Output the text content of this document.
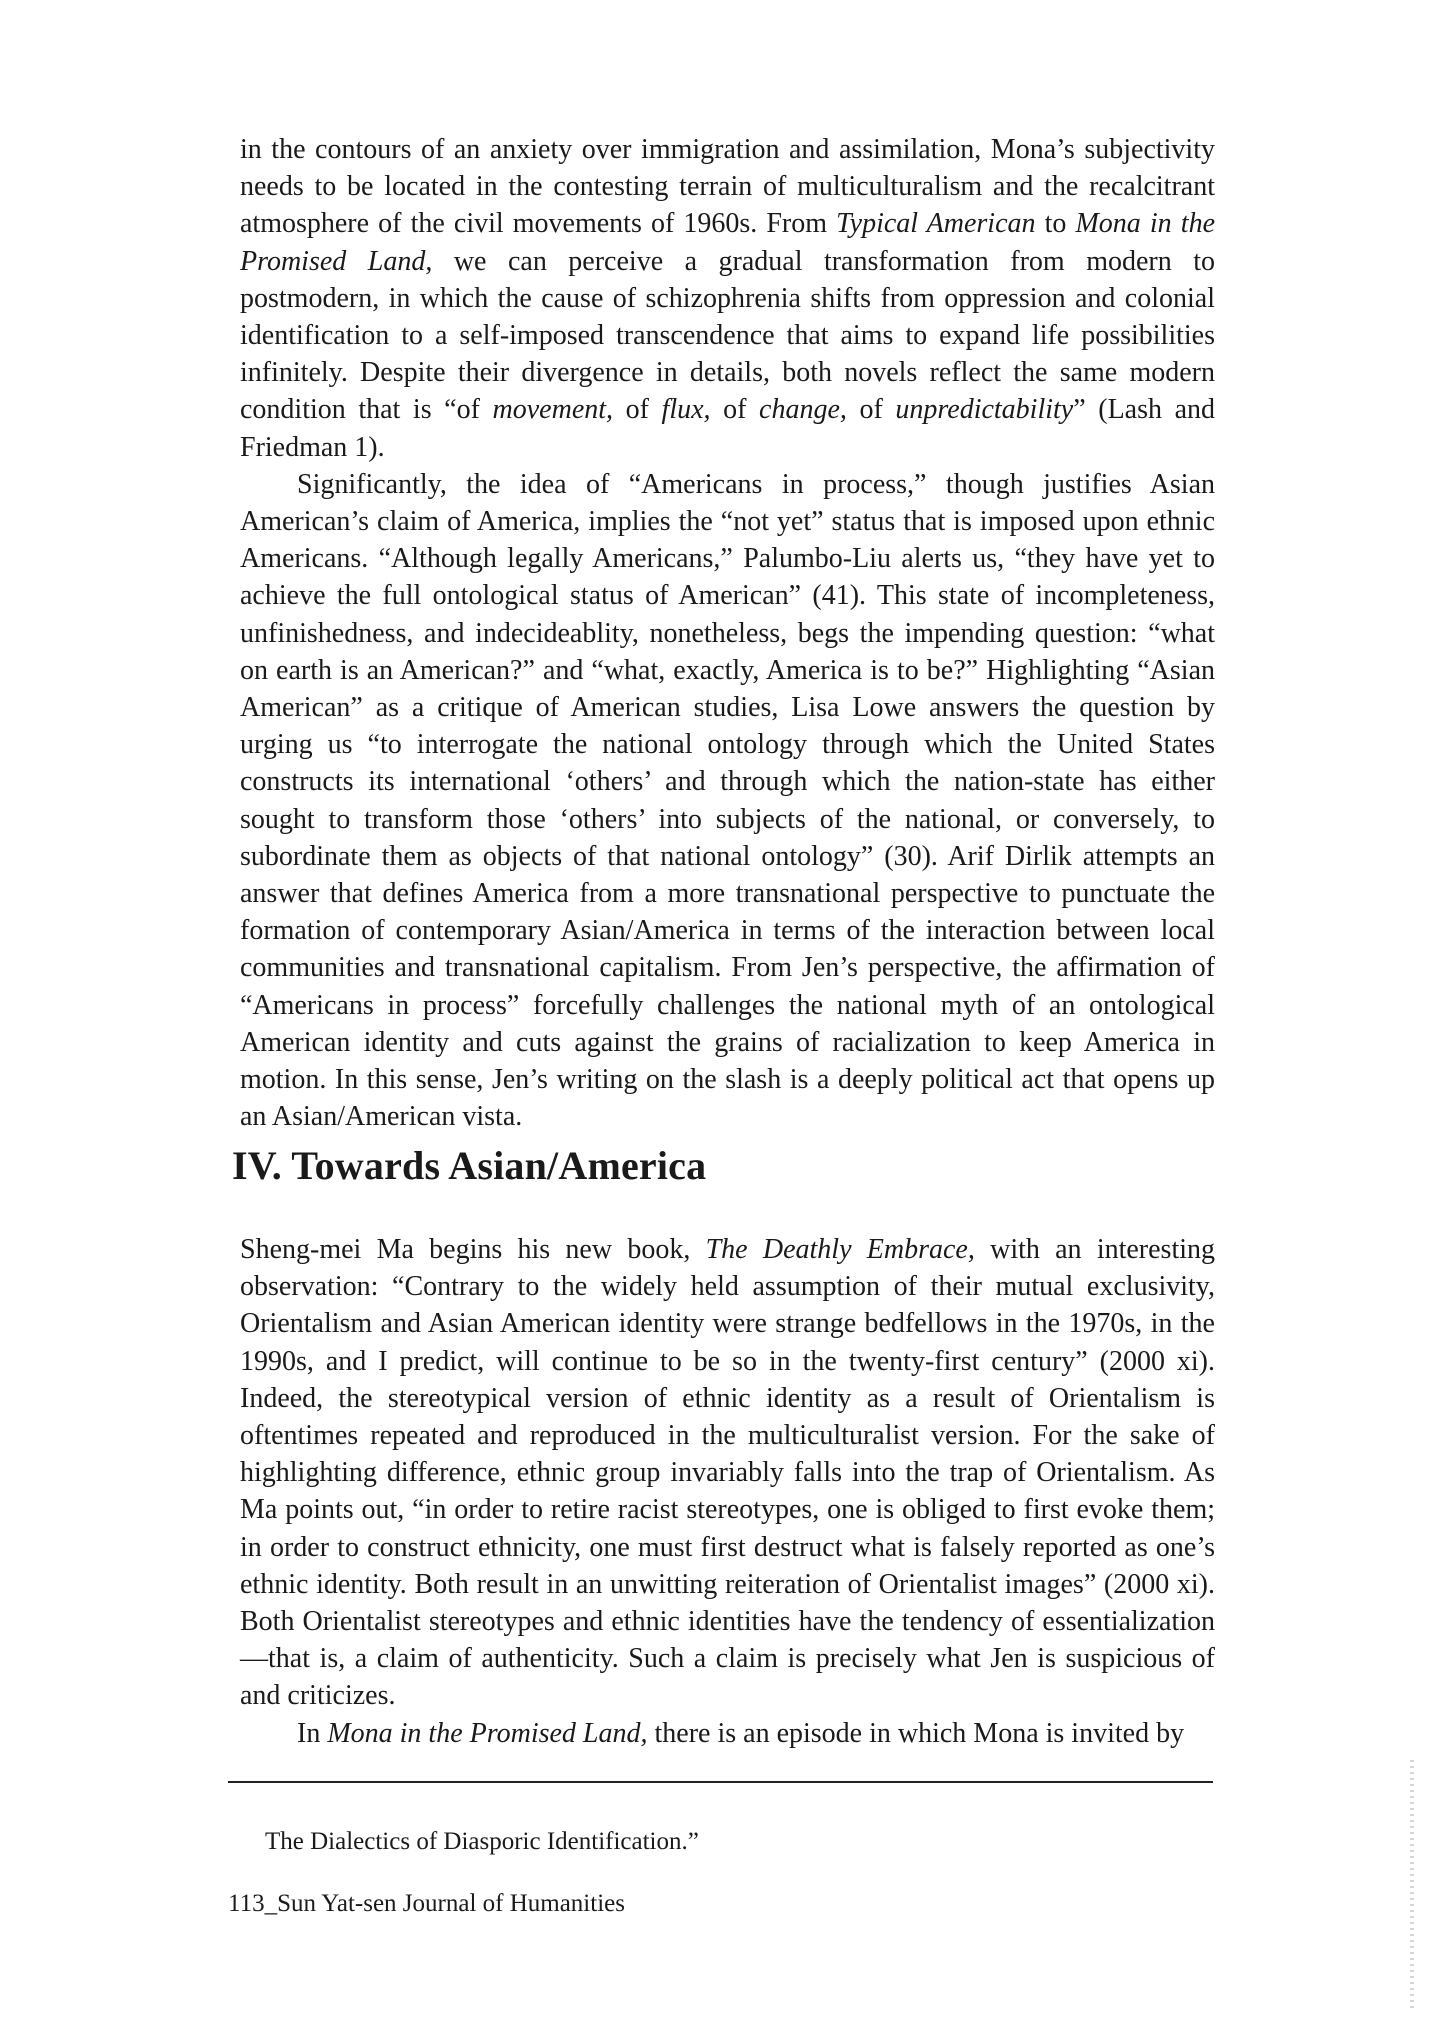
in the contours of an anxiety over immigration and assimilation, Mona’s subjectivity needs to be located in the contesting terrain of multiculturalism and the recalcitrant atmosphere of the civil movements of 1960s. From Typical American to Mona in the Promised Land, we can perceive a gradual transformation from modern to postmodern, in which the cause of schizophrenia shifts from oppression and colonial identification to a self-imposed transcendence that aims to expand life possibilities infinitely. Despite their divergence in details, both novels reflect the same modern condition that is “of movement, of flux, of change, of unpredictability” (Lash and Friedman 1).

Significantly, the idea of “Americans in process,” though justifies Asian American’s claim of America, implies the “not yet” status that is imposed upon ethnic Americans. “Although legally Americans,” Palumbo-Liu alerts us, “they have yet to achieve the full ontological status of American” (41). This state of incompleteness, unfinishedness, and indecideablity, nonetheless, begs the impending question: “what on earth is an American?” and “what, exactly, America is to be?” Highlighting “Asian American” as a critique of American studies, Lisa Lowe answers the question by urging us “to interrogate the national ontology through which the United States constructs its international ‘others’ and through which the nation-state has either sought to transform those ‘others’ into subjects of the national, or conversely, to subordinate them as objects of that national ontology” (30). Arif Dirlik attempts an answer that defines America from a more transnational perspective to punctuate the formation of contemporary Asian/America in terms of the interaction between local communities and transnational capitalism. From Jen’s perspective, the affirmation of “Americans in process” forcefully challenges the national myth of an ontological American identity and cuts against the grains of racialization to keep America in motion. In this sense, Jen’s writing on the slash is a deeply political act that opens up an Asian/American vista.

IV. Towards Asian/America

Sheng-mei Ma begins his new book, The Deathly Embrace, with an interesting observation: “Contrary to the widely held assumption of their mutual exclusivity, Orientalism and Asian American identity were strange bedfellows in the 1970s, in the 1990s, and I predict, will continue to be so in the twenty-first century” (2000 xi). Indeed, the stereotypical version of ethnic identity as a result of Orientalism is oftentimes repeated and reproduced in the multiculturalist version. For the sake of highlighting difference, ethnic group invariably falls into the trap of Orientalism. As Ma points out, “in order to retire racist stereotypes, one is obliged to first evoke them; in order to construct ethnicity, one must first destruct what is falsely reported as one’s ethnic identity. Both result in an unwitting reiteration of Orientalist images” (2000 xi). Both Orientalist stereotypes and ethnic identities have the tendency of essentialization—that is, a claim of authenticity. Such a claim is precisely what Jen is suspicious of and criticizes.

In Mona in the Promised Land, there is an episode in which Mona is invited by

The Dialectics of Diasporic Identification.”
113_Sun Yat-sen Journal of Humanities
